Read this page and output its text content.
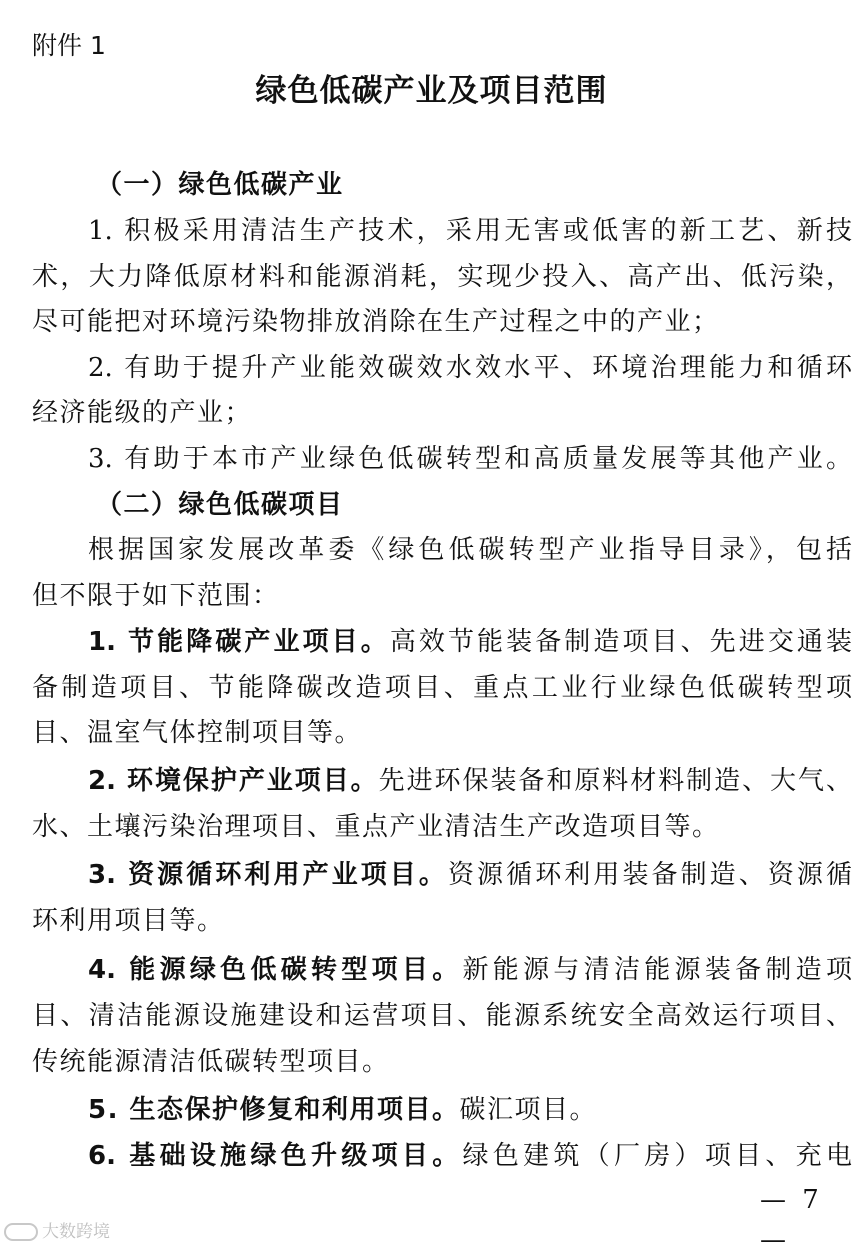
附件 1
绿色低碳产业及项目范围
（一）绿色低碳产业
1. 积极采用清洁生产技术，采用无害或低害的新工艺、新技
术，大力降低原材料和能源消耗，实现少投入、高产出、低污染，
尽可能把对环境污染物排放消除在生产过程之中的产业；
2. 有助于提升产业能效碳效水效水平、环境治理能力和循环
经济能级的产业；
3. 有助于本市产业绿色低碳转型和高质量发展等其他产业。
（二）绿色低碳项目
根据国家发展改革委《绿色低碳转型产业指导目录》，包括
但不限于如下范围：
1. 节能降碳产业项目。高效节能装备制造项目、先进交通装
备制造项目、节能降碳改造项目、重点工业行业绿色低碳转型项
目、温室气体控制项目等。
2. 环境保护产业项目。先进环保装备和原料材料制造、大气、
水、土壤污染治理项目、重点产业清洁生产改造项目等。
3. 资源循环利用产业项目。资源循环利用装备制造、资源循
环利用项目等。
4. 能源绿色低碳转型项目。新能源与清洁能源装备制造项
目、清洁能源设施建设和运营项目、能源系统安全高效运行项目、
传统能源清洁低碳转型项目。
5. 生态保护修复和利用项目。碳汇项目。
6. 基础设施绿色升级项目。绿色建筑（厂房）项目、充电
— 7 —
大数跨境
